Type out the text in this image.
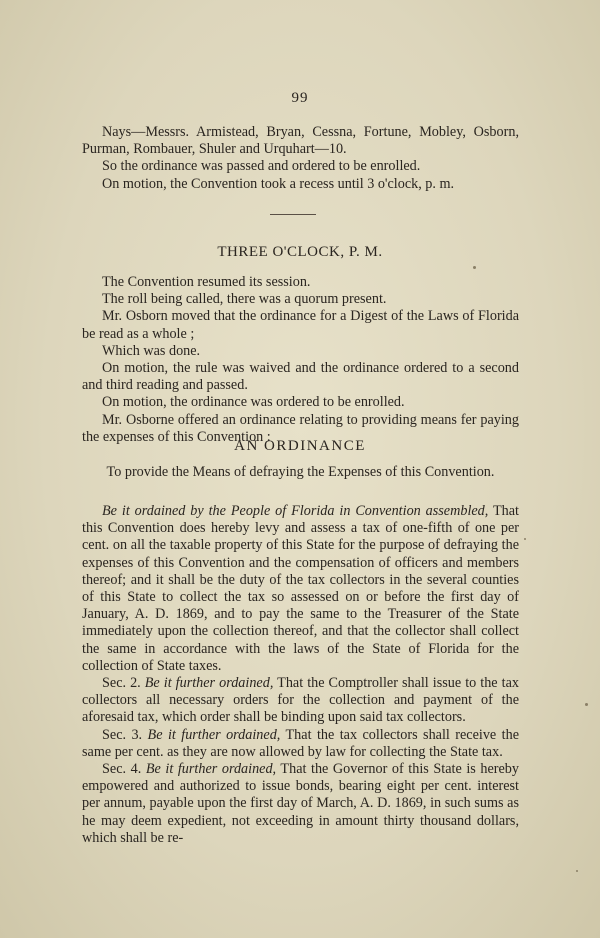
99

Nays—Messrs. Armistead, Bryan, Cessna, Fortune, Mobley, Osborn, Purman, Rombauer, Shuler and Urquhart—10.

So the ordinance was passed and ordered to be enrolled.

On motion, the Convention took a recess until 3 o'clock, p. m.

THREE O'CLOCK, P. M.

The Convention resumed its session.

The roll being called, there was a quorum present.

Mr. Osborn moved that the ordinance for a Digest of the Laws of Florida be read as a whole ;

Which was done.

On motion, the rule was waived and the ordinance ordered to a second and third reading and passed.

On motion, the ordinance was ordered to be enrolled.

Mr. Osborne offered an ordinance relating to providing means fer paying the expenses of this Convention :

AN ORDINANCE
To provide the Means of defraying the Expenses of this Convention.

Be it ordained by the People of Florida in Convention assembled, That this Convention does hereby levy and assess a tax of one-fifth of one per cent. on all the taxable property of this State for the purpose of defraying the expenses of this Convention and the compensation of officers and members thereof; and it shall be the duty of the tax collectors in the several counties of this State to collect the tax so assessed on or before the first day of January, A. D. 1869, and to pay the same to the Treasurer of the State immediately upon the collection thereof, and that the collector shall collect the same in accordance with the laws of the State of Florida for the collection of State taxes.

Sec. 2. Be it further ordained, That the Comptroller shall issue to the tax collectors all necessary orders for the collection and payment of the aforesaid tax, which order shall be binding upon said tax collectors.

Sec. 3. Be it further ordained, That the tax collectors shall receive the same per cent. as they are now allowed by law for collecting the State tax.

Sec. 4. Be it further ordained, That the Governor of this State is hereby empowered and authorized to issue bonds, bearing eight per cent. interest per annum, payable upon the first day of March, A. D. 1869, in such sums as he may deem expedient, not exceeding in amount thirty thousand dollars, which shall be re-
